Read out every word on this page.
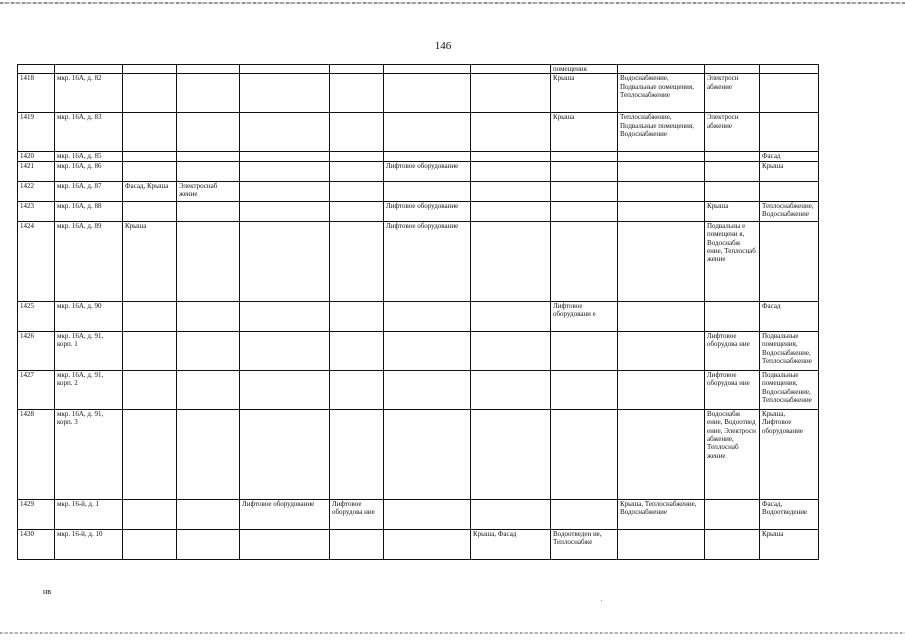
146
								помещения			
1418	мкр. 16А, д. 82							Крыша	Водоснабжение, Подвальные помещения, Теплоснабжение	Электросн абжение	
1419	мкр. 16А, д. 83							Крыша	Теплоснабжение, Подвальные помещения, Водоснабжение	Электросн абжение	
1420	мкр. 16А, д. 85										Фасад
1421	мкр. 16А, д. 86					Лифтовое оборудование					Крыша
1422	мкр. 16А, д. 87	Фасад, Крыша	Электроснаб жение								
1423	мкр. 16А, д. 88					Лифтовое оборудование				Крыша	Теплоснабжение, Водоснабжение
1424	мкр. 16А, д. 89	Крыша				Лифтовое оборудование				Подвальны е помещени я, Водоснабж ение, Теплоснаб жение	
1425	мкр. 16А, д. 90							Лифтовое оборудовани е			Фасад
1426	мкр. 16А, д. 91, корп. 1									Лифтовое оборудова ние	Подвальные помещения, Водоснабжение, Теплоснабжение
1427	мкр. 16А, д. 91, корп. 2									Лифтовое оборудова ние	Подвальные помещения, Водоснабжение, Теплоснабжение
1428	мкр. 16А, д. 91, корп. 3									Водоснабж ение, Водоотвед ение, Электросн абжение, Теплоснаб жение	Крыша, Лифтовое оборудование
1429	мкр. 16-й, д. 1			Лифтовое оборудование	Лифтовое оборудова ние				Крыша, Теплоснабжение, Водоснабжение		Фасад, Водоотведение
1430	мкр. 16-й, д. 10						Крыша, Фасад	Водоотведен ие, Теплоснабже			Крыша
нв
